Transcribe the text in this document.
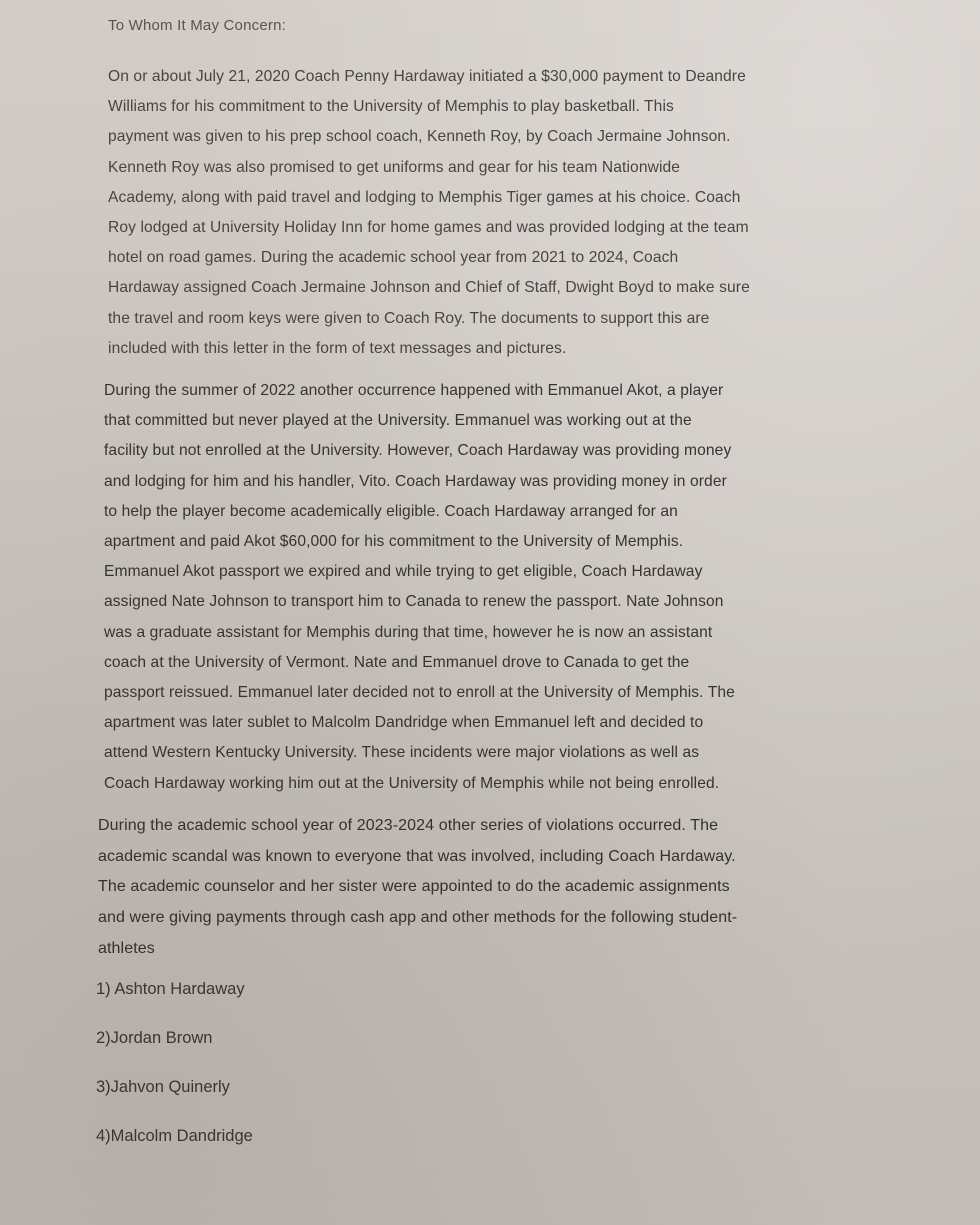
To Whom It May Concern:
On or about July 21, 2020 Coach Penny Hardaway initiated a $30,000 payment to Deandre
Williams for his commitment to the University of Memphis to play basketball. This
payment was given to his prep school coach, Kenneth Roy, by Coach Jermaine Johnson.
Kenneth Roy was also promised to get uniforms and gear for his team Nationwide
Academy, along with paid travel and lodging to Memphis Tiger games at his choice. Coach
Roy lodged at University Holiday Inn for home games and was provided lodging at the team
hotel on road games. During the academic school year from 2021 to 2024, Coach
Hardaway assigned Coach Jermaine Johnson and Chief of Staff, Dwight Boyd to make sure
the travel and room keys were given to Coach Roy. The documents to support this are
included with this letter in the form of text messages and pictures.
During the summer of 2022 another occurrence happened with Emmanuel Akot, a player
that committed but never played at the University. Emmanuel was working out at the
facility but not enrolled at the University. However, Coach Hardaway was providing money
and lodging for him and his handler, Vito. Coach Hardaway was providing money in order
to help the player become academically eligible. Coach Hardaway arranged for an
apartment and paid Akot $60,000 for his commitment to the University of Memphis.
Emmanuel Akot passport we expired and while trying to get eligible, Coach Hardaway
assigned Nate Johnson to transport him to Canada to renew the passport. Nate Johnson
was a graduate assistant for Memphis during that time, however he is now an assistant
coach at the University of Vermont. Nate and Emmanuel drove to Canada to get the
passport reissued. Emmanuel later decided not to enroll at the University of Memphis. The
apartment was later sublet to Malcolm Dandridge when Emmanuel left and decided to
attend Western Kentucky University. These incidents were major violations as well as
Coach Hardaway working him out at the University of Memphis while not being enrolled.
During the academic school year of 2023-2024 other series of violations occurred. The
academic scandal was known to everyone that was involved, including Coach Hardaway.
The academic counselor and her sister were appointed to do the academic assignments
and were giving payments through cash app and other methods for the following student-
athletes
1) Ashton Hardaway
2)Jordan Brown
3)Jahvon Quinerly
4)Malcolm Dandridge
